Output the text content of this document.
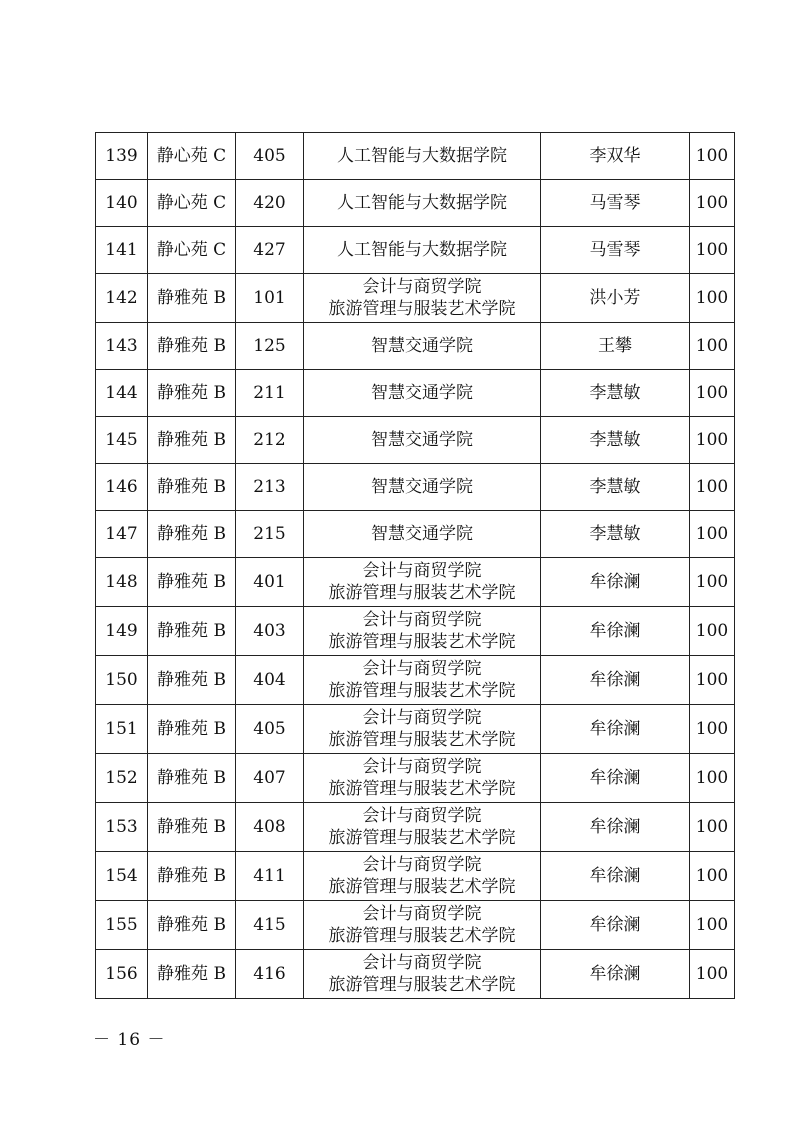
139	静心苑 C	405	人工智能与大数据学院	李双华	100
140	静心苑 C	420	人工智能与大数据学院	马雪琴	100
141	静心苑 C	427	人工智能与大数据学院	马雪琴	100
142	静雅苑 B	101	会计与商贸学院
旅游管理与服装艺术学院	洪小芳	100
143	静雅苑 B	125	智慧交通学院	王攀	100
144	静雅苑 B	211	智慧交通学院	李慧敏	100
145	静雅苑 B	212	智慧交通学院	李慧敏	100
146	静雅苑 B	213	智慧交通学院	李慧敏	100
147	静雅苑 B	215	智慧交通学院	李慧敏	100
148	静雅苑 B	401	会计与商贸学院
旅游管理与服装艺术学院	牟徐澜	100
149	静雅苑 B	403	会计与商贸学院
旅游管理与服装艺术学院	牟徐澜	100
150	静雅苑 B	404	会计与商贸学院
旅游管理与服装艺术学院	牟徐澜	100
151	静雅苑 B	405	会计与商贸学院
旅游管理与服装艺术学院	牟徐澜	100
152	静雅苑 B	407	会计与商贸学院
旅游管理与服装艺术学院	牟徐澜	100
153	静雅苑 B	408	会计与商贸学院
旅游管理与服装艺术学院	牟徐澜	100
154	静雅苑 B	411	会计与商贸学院
旅游管理与服装艺术学院	牟徐澜	100
155	静雅苑 B	415	会计与商贸学院
旅游管理与服装艺术学院	牟徐澜	100
156	静雅苑 B	416	会计与商贸学院
旅游管理与服装艺术学院	牟徐澜	100
－ 16 －
